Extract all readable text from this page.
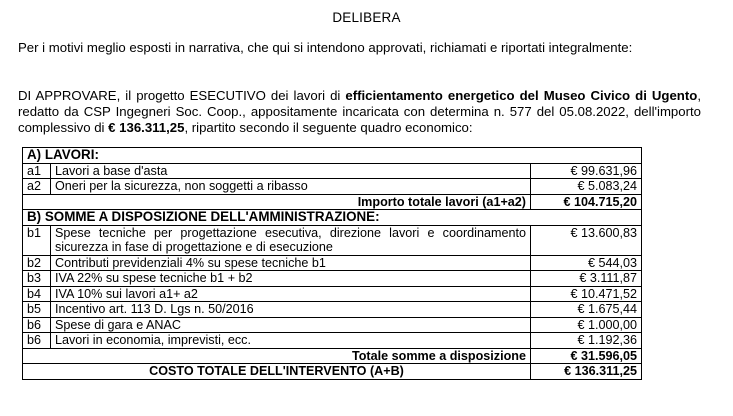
DELIBERA
Per i motivi meglio esposti in narrativa, che qui si intendono approvati, richiamati e riportati integralmente:
DI APPROVARE, il progetto ESECUTIVO dei lavori di efficientamento energetico del Museo Civico di Ugento, redatto da CSP Ingegneri Soc. Coop., appositamente incaricata con determina n. 577 del 05.08.2022, dell'importo complessivo di € 136.311,25, ripartito secondo il seguente quadro economico:
A) LAVORI:		
a1	Lavori a base d'asta	€ 99.631,96
a2	Oneri per la sicurezza, non soggetti a ribasso	€ 5.083,24
Importo totale lavori (a1+a2)		€ 104.715,20
B) SOMME A DISPOSIZIONE DELL'AMMINISTRAZIONE:		
b1	Spese tecniche per progettazione esecutiva, direzione lavori e coordinamento sicurezza in fase di progettazione e di esecuzione	€ 13.600,83
b2	Contributi previdenziali 4% su spese tecniche b1	€ 544,03
b3	IVA 22% su spese tecniche b1 + b2	€ 3.111,87
b4	IVA 10% sui lavori a1+ a2	€ 10.471,52
b5	Incentivo art. 113 D. Lgs n. 50/2016	€ 1.675,44
b6	Spese di gara e ANAC	€ 1.000,00
b6	Lavori in economia, imprevisti, ecc.	€ 1.192,36
Totale somme a disposizione		€ 31.596,05
COSTO TOTALE DELL'INTERVENTO (A+B)		€ 136.311,25
